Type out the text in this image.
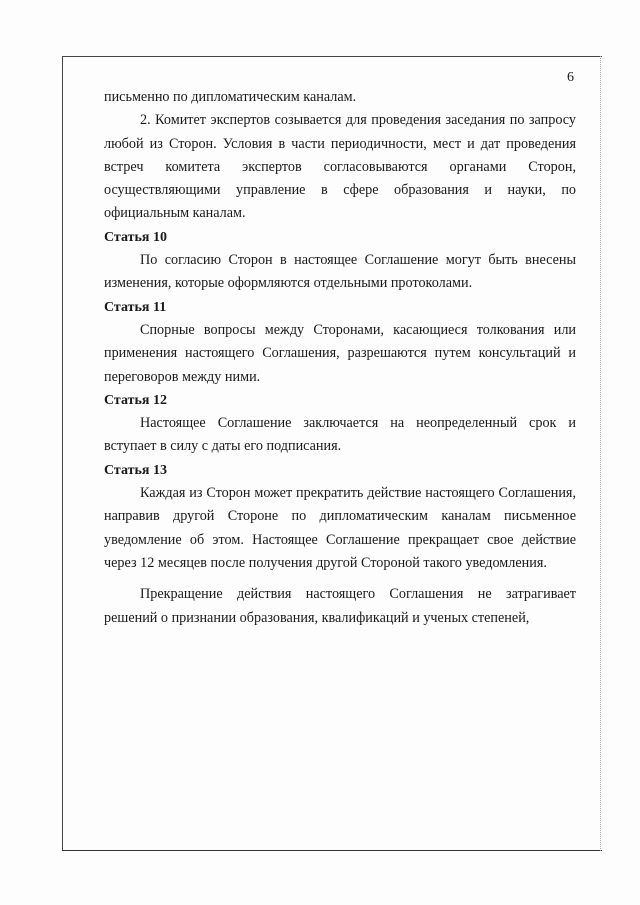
6

письменно по дипломатическим каналам.

2. Комитет экспертов созывается для проведения заседания по запросу любой из Сторон. Условия в части периодичности, мест и дат проведения встреч комитета экспертов согласовываются органами Сторон, осуществляющими управление в сфере образования и науки, по официальным каналам.

Статья 10

По согласию Сторон в настоящее Соглашение могут быть внесены изменения, которые оформляются отдельными протоколами.

Статья 11

Спорные вопросы между Сторонами, касающиеся толкования или применения настоящего Соглашения, разрешаются путем консультаций и переговоров между ними.

Статья 12

Настоящее Соглашение заключается на неопределенный срок и вступает в силу с даты его подписания.

Статья 13

Каждая из Сторон может прекратить действие настоящего Соглашения, направив другой Стороне по дипломатическим каналам письменное уведомление об этом. Настоящее Соглашение прекращает свое действие через 12 месяцев после получения другой Стороной такого уведомления.

Прекращение действия настоящего Соглашения не затрагивает решений о признании образования, квалификаций и ученых степеней,
